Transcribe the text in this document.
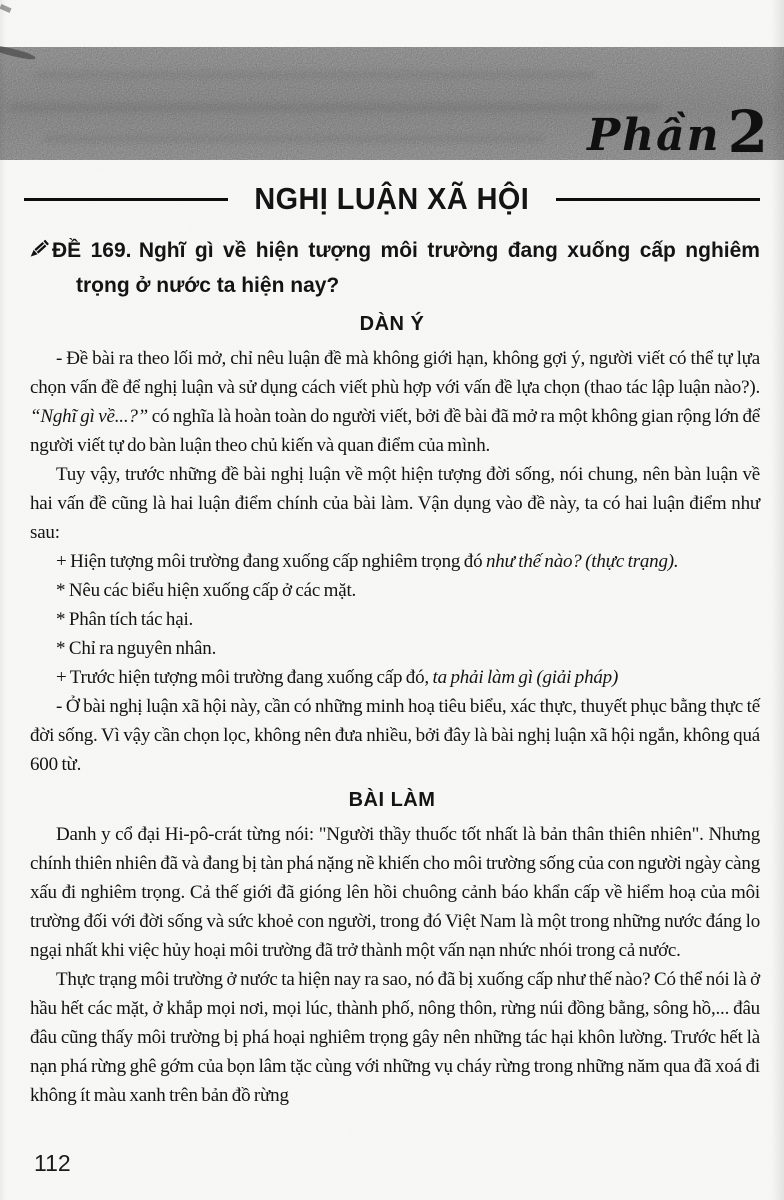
Phần 2
NGHỊ LUẬN XÃ HỘI

ĐỀ 169. Nghĩ gì về hiện tượng môi trường đang xuống cấp nghiêm trọng ở nước ta hiện nay?

DÀN Ý

- Đề bài ra theo lối mở, chỉ nêu luận đề mà không giới hạn, không gợi ý, người viết có thể tự lựa chọn vấn đề để nghị luận và sử dụng cách viết phù hợp với vấn đề lựa chọn (thao tác lập luận nào?). “Nghĩ gì về...?” có nghĩa là hoàn toàn do người viết, bởi đề bài đã mở ra một không gian rộng lớn để người viết tự do bàn luận theo chủ kiến và quan điểm của mình.

Tuy vậy, trước những đề bài nghị luận về một hiện tượng đời sống, nói chung, nên bàn luận về hai vấn đề cũng là hai luận điểm chính của bài làm. Vận dụng vào đề này, ta có hai luận điểm như sau:

+ Hiện tượng môi trường đang xuống cấp nghiêm trọng đó như thế nào? (thực trạng).

* Nêu các biểu hiện xuống cấp ở các mặt.

* Phân tích tác hại.

* Chỉ ra nguyên nhân.

+ Trước hiện tượng môi trường đang xuống cấp đó, ta phải làm gì (giải pháp)

- Ở bài nghị luận xã hội này, cần có những minh hoạ tiêu biểu, xác thực, thuyết phục bằng thực tế đời sống. Vì vậy cần chọn lọc, không nên đưa nhiều, bởi đây là bài nghị luận xã hội ngắn, không quá 600 từ.

BÀI LÀM

Danh y cổ đại Hi-pô-crát từng nói: "Người thầy thuốc tốt nhất là bản thân thiên nhiên". Nhưng chính thiên nhiên đã và đang bị tàn phá nặng nề khiến cho môi trường sống của con người ngày càng xấu đi nghiêm trọng. Cả thế giới đã gióng lên hồi chuông cảnh báo khẩn cấp về hiểm hoạ của môi trường đối với đời sống và sức khoẻ con người, trong đó Việt Nam là một trong những nước đáng lo ngại nhất khi việc hủy hoại môi trường đã trở thành một vấn nạn nhức nhói trong cả nước.

Thực trạng môi trường ở nước ta hiện nay ra sao, nó đã bị xuống cấp như thế nào? Có thể nói là ở hầu hết các mặt, ở khắp mọi nơi, mọi lúc, thành phố, nông thôn, rừng núi đồng bằng, sông hồ,... đâu đâu cũng thấy môi trường bị phá hoại nghiêm trọng gây nên những tác hại khôn lường. Trước hết là nạn phá rừng ghê gớm của bọn lâm tặc cùng với những vụ cháy rừng trong những năm qua đã xoá đi không ít màu xanh trên bản đồ rừng

112
